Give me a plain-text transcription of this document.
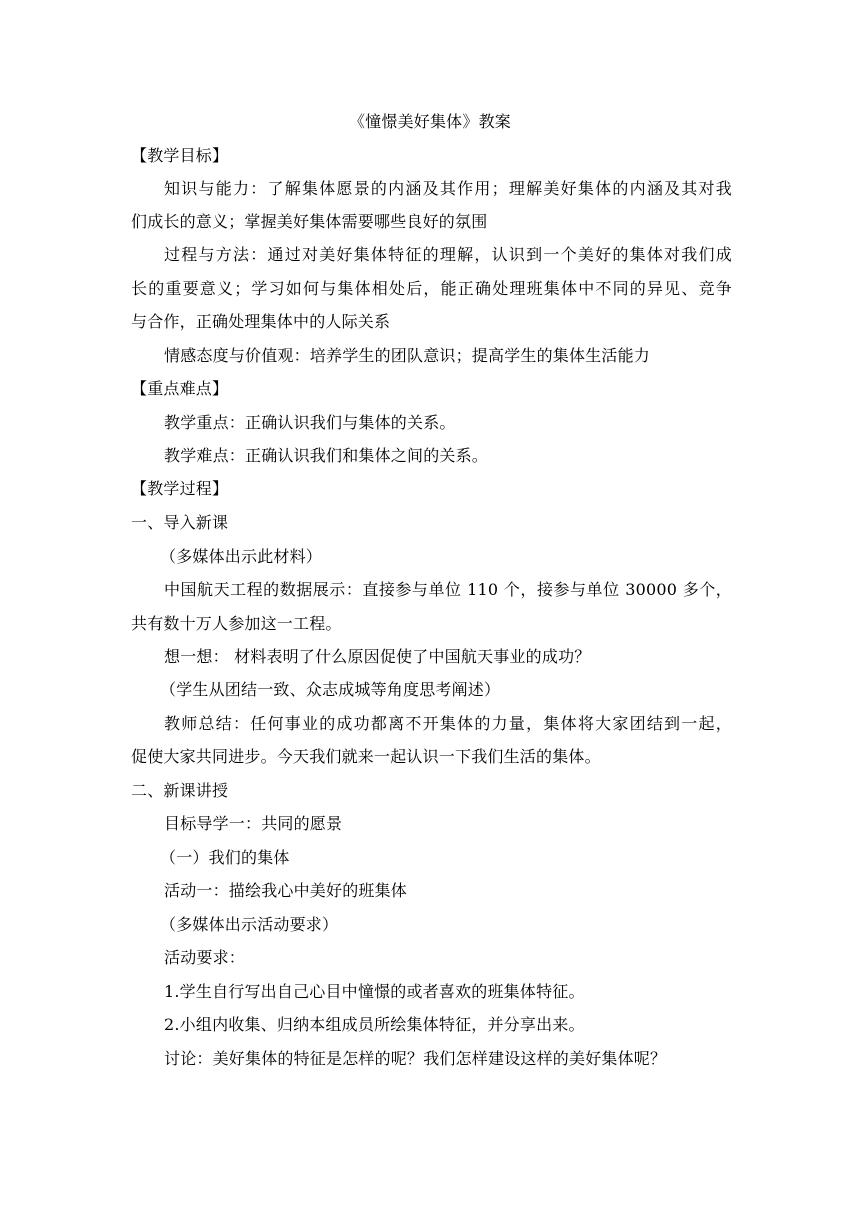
《憧憬美好集体》教案
【教学目标】
知识与能力：了解集体愿景的内涵及其作用；理解美好集体的内涵及其对我
们成长的意义；掌握美好集体需要哪些良好的氛围
过程与方法：通过对美好集体特征的理解，认识到一个美好的集体对我们成
长的重要意义；学习如何与集体相处后，能正确处理班集体中不同的异见、竞争
与合作，正确处理集体中的人际关系
情感态度与价值观：培养学生的团队意识；提高学生的集体生活能力
【重点难点】
教学重点：正确认识我们与集体的关系。
教学难点：正确认识我们和集体之间的关系。
【教学过程】
一、导入新课
（多媒体出示此材料）
中国航天工程的数据展示：直接参与单位 110 个，接参与单位 30000 多个，
共有数十万人参加这一工程。
想一想： 材料表明了什么原因促使了中国航天事业的成功？
（学生从团结一致、众志成城等角度思考阐述）
教师总结：任何事业的成功都离不开集体的力量，集体将大家团结到一起，
促使大家共同进步。今天我们就来一起认识一下我们生活的集体。
二、新课讲授
目标导学一：共同的愿景
（一）我们的集体
活动一：描绘我心中美好的班集体
（多媒体出示活动要求）
活动要求：
1.学生自行写出自己心目中憧憬的或者喜欢的班集体特征。
2.小组内收集、归纳本组成员所绘集体特征，并分享出来。
讨论：美好集体的特征是怎样的呢？我们怎样建设这样的美好集体呢？
